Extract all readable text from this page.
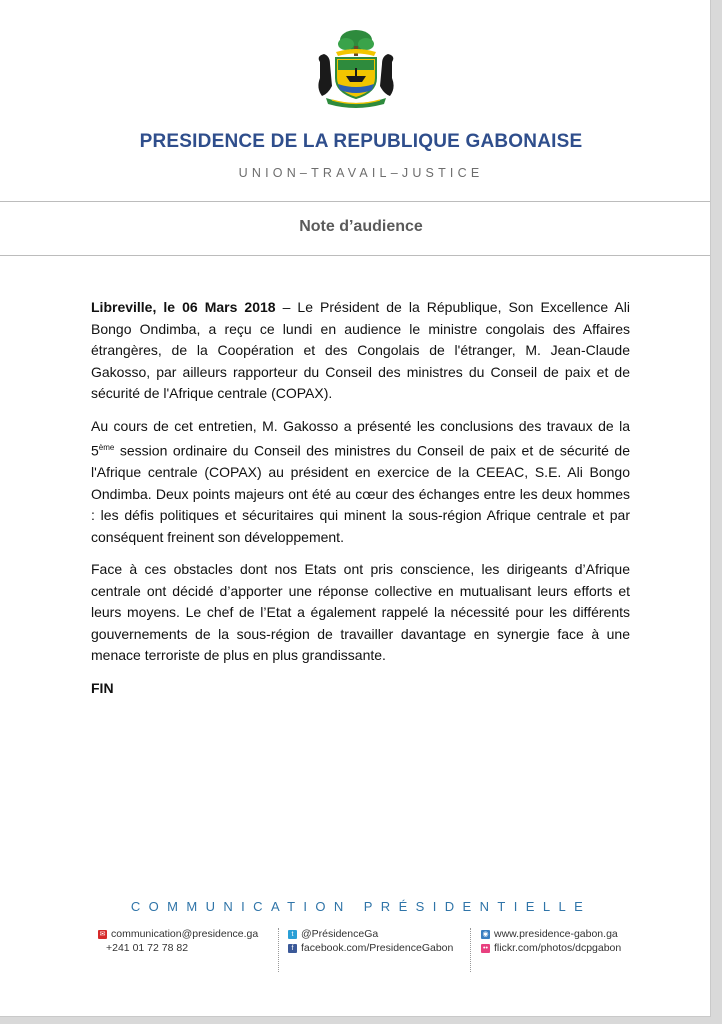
PRESIDENCE DE LA REPUBLIQUE GABONAISE
UNION–TRAVAIL–JUSTICE
Note d’audience

Libreville, le 06 Mars 2018 – Le Président de la République, Son Excellence Ali Bongo Ondimba, a reçu ce lundi en audience le ministre congolais des Affaires étrangères, de la Coopération et des Congolais de l'étranger, M. Jean-Claude Gakosso, par ailleurs rapporteur du Conseil des ministres du Conseil de paix et de sécurité de l'Afrique centrale (COPAX).

Au cours de cet entretien, M. Gakosso a présenté les conclusions des travaux de la 5ème session ordinaire du Conseil des ministres du Conseil de paix et de sécurité de l'Afrique centrale (COPAX) au président en exercice de la CEEAC, S.E. Ali Bongo Ondimba. Deux points majeurs ont été au cœur des échanges entre les deux hommes : les défis politiques et sécuritaires qui minent la sous-région Afrique centrale et par conséquent freinent son développement.

Face à ces obstacles dont nos Etats ont pris conscience, les dirigeants d’Afrique centrale ont décidé d’apporter une réponse collective en mutualisant leurs efforts et leurs moyens. Le chef de l’Etat a également rappelé la nécessité pour les différents gouvernements de la sous-région de travailler davantage en synergie face à une menace terroriste de plus en plus grandissante.

FIN

COMMUNICATION PRÉSIDENTIELLE
✉ communication@presidence.ga
+241 01 72 78 82
t @PrésidenceGa
f facebook.com/PresidenceGabon
◉ www.presidence-gabon.ga
•• flickr.com/photos/dcpgabon
